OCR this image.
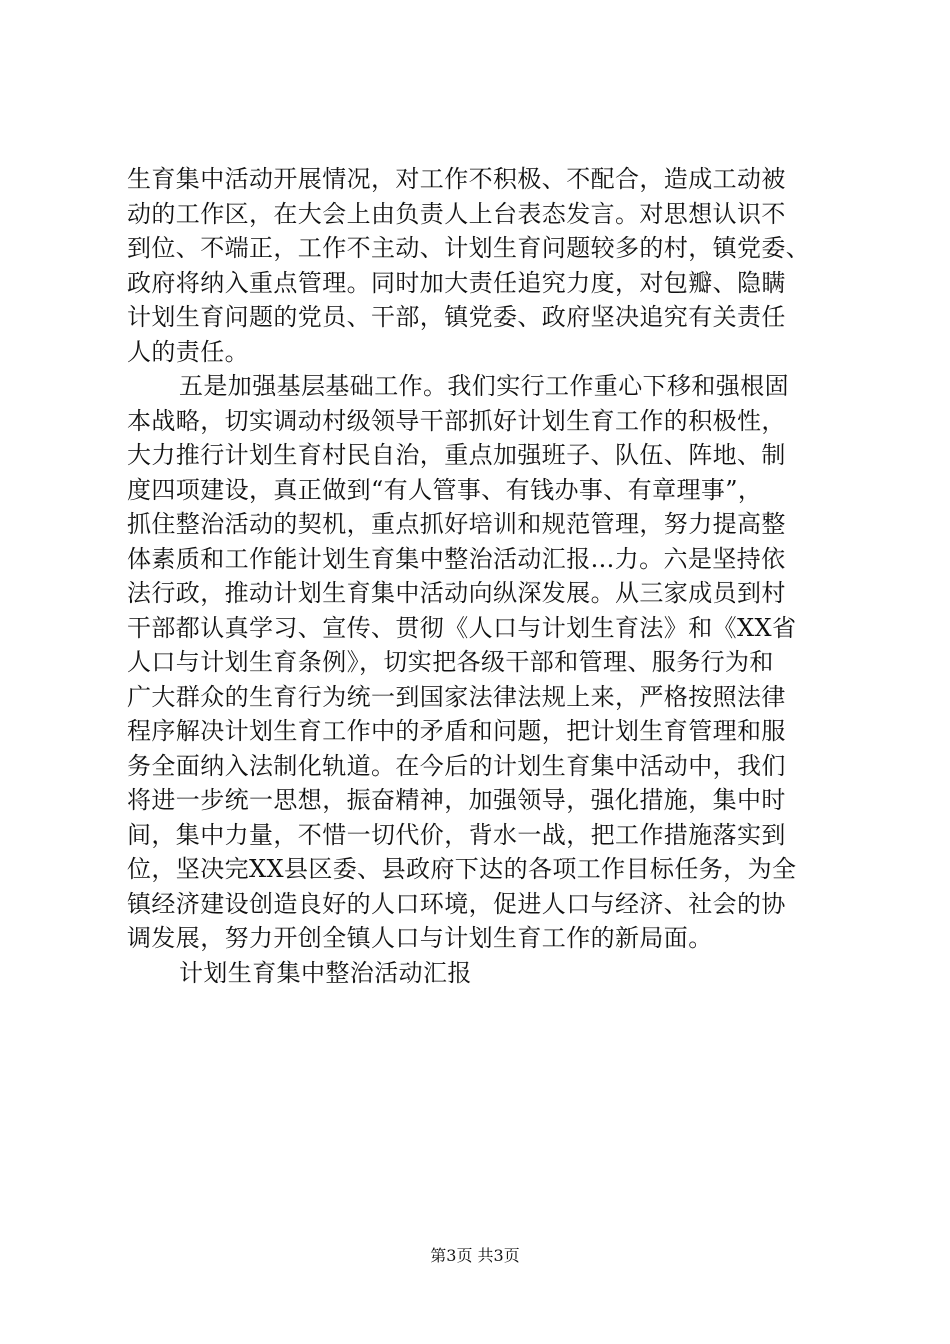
生育集中活动开展情况，对工作不积极、不配合，造成工动被
动的工作区，在大会上由负责人上台表态发言。对思想认识不
到位、不端正，工作不主动、计划生育问题较多的村，镇党委、
政府将纳入重点管理。同时加大责任追究力度，对包瓣、隐瞒
计划生育问题的党员、干部，镇党委、政府坚决追究有关责任
人的责任。
五是加强基层基础工作。我们实行工作重心下移和强根固
本战略，切实调动村级领导干部抓好计划生育工作的积极性，
大力推行计划生育村民自治，重点加强班子、队伍、阵地、制
度四项建设，真正做到“有人管事、有钱办事、有章理事”，
抓住整治活动的契机，重点抓好培训和规范管理，努力提高整
体素质和工作能计划生育集中整治活动汇报...力。六是坚持依
法行政，推动计划生育集中活动向纵深发展。从三家成员到村
干部都认真学习、宣传、贯彻《人口与计划生育法》和《XX省
人口与计划生育条例》，切实把各级干部和管理、服务行为和
广大群众的生育行为统一到国家法律法规上来，严格按照法律
程序解决计划生育工作中的矛盾和问题，把计划生育管理和服
务全面纳入法制化轨道。在今后的计划生育集中活动中，我们
将进一步统一思想，振奋精神，加强领导，强化措施，集中时
间，集中力量，不惜一切代价，背水一战，把工作措施落实到
位，坚决完XX县区委、县政府下达的各项工作目标任务，为全
镇经济建设创造良好的人口环境，促进人口与经济、社会的协
调发展，努力开创全镇人口与计划生育工作的新局面。
计划生育集中整治活动汇报
第3页 共3页
